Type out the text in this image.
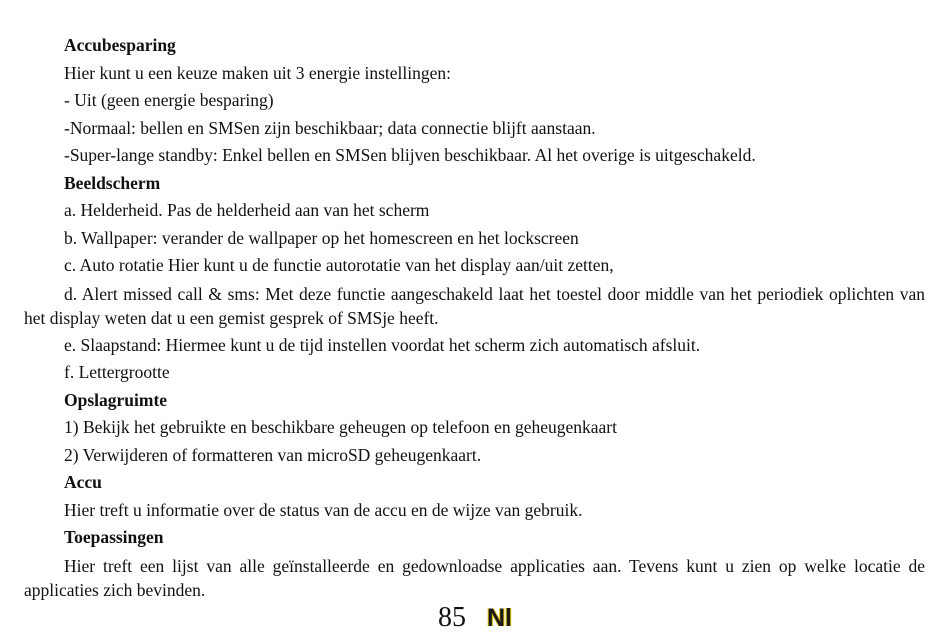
Accubesparing

Hier kunt u een keuze maken uit 3 energie instellingen:

- Uit (geen energie besparing)

-Normaal: bellen en SMSen zijn beschikbaar; data connectie blijft aanstaan.

-Super-lange standby: Enkel bellen en SMSen blijven beschikbaar. Al het overige is uitgeschakeld.

Beeldscherm

a. Helderheid. Pas de helderheid aan van het scherm

b. Wallpaper: verander de wallpaper op het homescreen en het lockscreen

c. Auto rotatie Hier kunt u de functie autorotatie van het display aan/uit zetten,

d. Alert missed call & sms: Met deze functie aangeschakeld laat het toestel door middle van het periodiek oplichten van het display weten dat u een gemist gesprek of SMSje heeft.

e. Slaapstand: Hiermee kunt u de tijd instellen voordat het scherm zich automatisch afsluit.

f. Lettergrootte

Opslagruimte

1) Bekijk het gebruikte en beschikbare geheugen op telefoon en geheugenkaart

2) Verwijderen of formatteren van microSD geheugenkaart.

Accu

Hier treft u informatie over de status van de accu en de wijze van gebruik.

Toepassingen

Hier treft een lijst van alle geïnstalleerde en gedownloadse applicaties aan. Tevens kunt u zien op welke locatie de applicaties zich bevinden.

85 Nl
